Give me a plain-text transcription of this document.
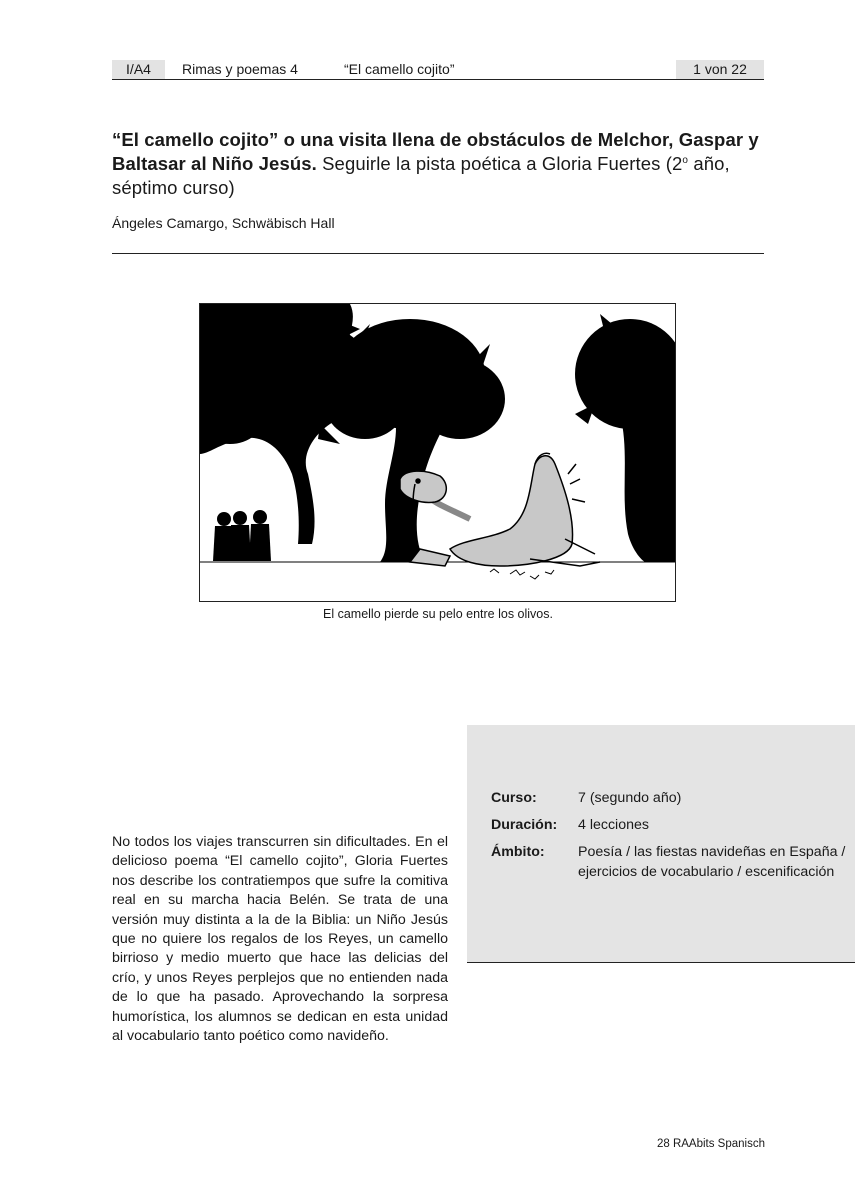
I/A4	Rimas y poemas 4	“El camello cojito”	1 von 22
“El camello cojito” o una visita llena de obstáculos de Melchor, Gaspar y Baltasar al Niño Jesús. Seguirle la pista poética a Gloria Fuertes (2$^o$ año, séptimo curso)
Ángeles Camargo, Schwäbisch Hall
El camello pierde su pelo entre los olivos.
Curso:	7 (segundo año)
Duración:	4 lecciones
Ámbito:	Poesía / las fiestas navideñas en España / ejercicios de vocabulario / escenificación
No todos los viajes transcurren sin dificultades. En el delicioso poema “El camello cojito”, Gloria Fuertes nos describe los contratiempos que sufre la comitiva real en su marcha hacia Belén. Se trata de una versión muy distinta a la de la Biblia: un Niño Jesús que no quiere los regalos de los Reyes, un camello birrioso y medio muerto que hace las delicias del crío, y unos Reyes perplejos que no entienden nada de lo que ha pasado. Aprovechando la sorpresa humorística, los alumnos se dedican en esta unidad al vocabulario tanto poético como navideño.
28 RAAbits Spanisch
